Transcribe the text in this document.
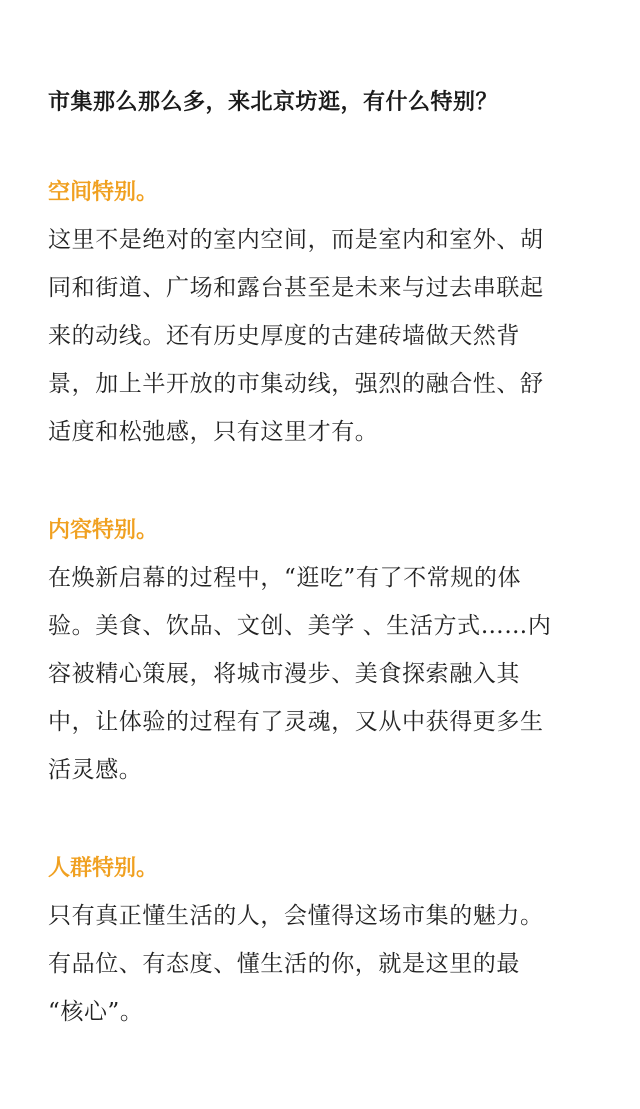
市集那么那么多，来北京坊逛，有什么特别？
空间特别。
这里不是绝对的室内空间，而是室内和室外、胡
同和街道、广场和露台甚至是未来与过去串联起
来的动线。还有历史厚度的古建砖墙做天然背
景，加上半开放的市集动线，强烈的融合性、舒
适度和松弛感，只有这里才有。
内容特别。
在焕新启幕的过程中，“逛吃”有了不常规的体
验。美食、饮品、文创、美学 、生活方式……内
容被精心策展，将城市漫步、美食探索融入其
中，让体验的过程有了灵魂，又从中获得更多生
活灵感。
人群特别。
只有真正懂生活的人，会懂得这场市集的魅力。
有品位、有态度、懂生活的你，就是这里的最
“核心”。
